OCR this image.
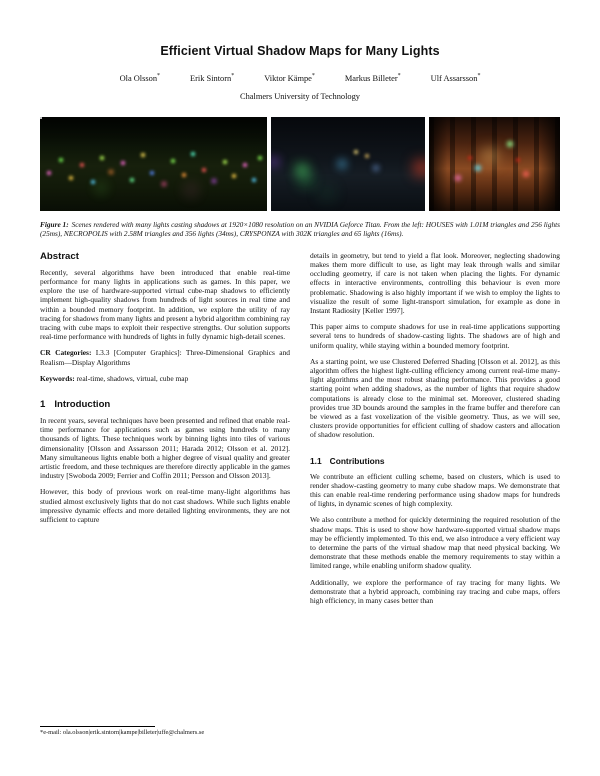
Efficient Virtual Shadow Maps for Many Lights
Ola Olsson*	Erik Sintorn*	Viktor Kämpe*	Markus Billeter*	Ulf Assarsson*
Chalmers University of Technology
Figure 1: Scenes rendered with many lights casting shadows at 1920×1080 resolution on an NVIDIA Geforce Titan. From the left: HOUSES with 1.01M triangles and 256 lights (25ms), NECROPOLIS with 2.58M triangles and 356 lights (34ms), CRYSPONZA with 302K triangles and 65 lights (16ms).
Abstract

Recently, several algorithms have been introduced that enable real-time performance for many lights in applications such as games. In this paper, we explore the use of hardware-supported virtual cube-map shadows to efficiently implement high-quality shadows from hundreds of light sources in real time and within a bounded memory footprint. In addition, we explore the utility of ray tracing for shadows from many lights and present a hybrid algorithm combining ray tracing with cube maps to exploit their respective strengths. Our solution supports real-time performance with hundreds of lights in fully dynamic high-detail scenes.

CR Categories: I.3.3 [Computer Graphics]: Three-Dimensional Graphics and Realism—Display Algorithms

Keywords: real-time, shadows, virtual, cube map

1 Introduction

In recent years, several techniques have been presented and refined that enable real-time performance for applications such as games using hundreds to many thousands of lights. These techniques work by binning lights into tiles of various dimensionality [Olsson and Assarsson 2011; Harada 2012; Olsson et al. 2012]. Many simultaneous lights enable both a higher degree of visual quality and greater artistic freedom, and these techniques are therefore directly applicable in the games industry [Swoboda 2009; Ferrier and Coffin 2011; Persson and Olsson 2013].

However, this body of previous work on real-time many-light algorithms has studied almost exclusively lights that do not cast shadows. While such lights enable impressive dynamic effects and more detailed lighting environments, they are not sufficient to capture

*e-mail: ola.olsson|erik.sintorn|kampe|billeter|uffe@chalmers.se

details in geometry, but tend to yield a flat look. Moreover, neglecting shadowing makes them more difficult to use, as light may leak through walls and similar occluding geometry, if care is not taken when placing the lights. For dynamic effects in interactive environments, controlling this behaviour is even more problematic. Shadowing is also highly important if we wish to employ the lights to visualize the result of some light-transport simulation, for example as done in Instant Radiosity [Keller 1997].

This paper aims to compute shadows for use in real-time applications supporting several tens to hundreds of shadow-casting lights. The shadows are of high and uniform quality, while staying within a bounded memory footprint.

As a starting point, we use Clustered Deferred Shading [Olsson et al. 2012], as this algorithm offers the highest light-culling efficiency among current real-time many-light algorithms and the most robust shading performance. This provides a good starting point when adding shadows, as the number of lights that require shadow computations is already close to the minimal set. Moreover, clustered shading provides true 3D bounds around the samples in the frame buffer and therefore can be viewed as a fast voxelization of the visible geometry. Thus, as we will see, clusters provide opportunities for efficient culling of shadow casters and allocation of shadow resolution.

1.1 Contributions

We contribute an efficient culling scheme, based on clusters, which is used to render shadow-casting geometry to many cube shadow maps. We demonstrate that this can enable real-time rendering performance using shadow maps for hundreds of lights, in dynamic scenes of high complexity.

We also contribute a method for quickly determining the required resolution of the shadow maps. This is used to show how hardware-supported virtual shadow maps may be efficiently implemented. To this end, we also introduce a very efficient way to determine the parts of the virtual shadow map that need physical backing. We demonstrate that these methods enable the memory requirements to stay within a limited range, while enabling uniform shadow quality.

Additionally, we explore the performance of ray tracing for many lights. We demonstrate that a hybrid approach, combining ray tracing and cube maps, offers high efficiency, in many cases better than
